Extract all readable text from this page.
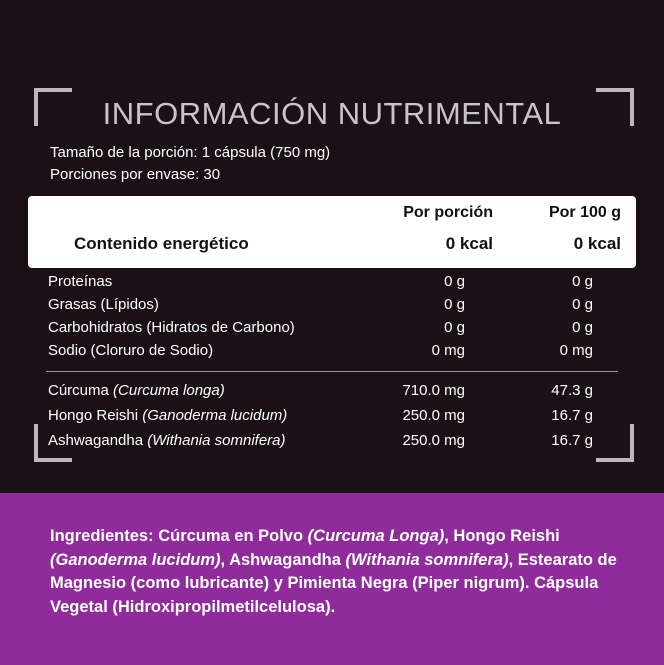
INFORMACIÓN NUTRIMENTAL
Tamaño de la porción: 1 cápsula (750 mg)
Porciones por envase: 30
Por porción	Por 100 g
Contenido energético	0 kcal	0 kcal
Proteínas	0 g	0 g
Grasas (Lípidos)	0 g	0 g
Carbohidratos (Hidratos de Carbono)	0 g	0 g
Sodio (Cloruro de Sodio)	0 mg	0 mg
Cúrcuma (Curcuma longa)	710.0 mg	47.3 g
Hongo Reishi (Ganoderma lucidum)	250.0 mg	16.7 g
Ashwagandha (Withania somnifera)	250.0 mg	16.7 g
Ingredientes: Cúrcuma en Polvo (Curcuma Longa), Hongo Reishi (Ganoderma lucidum), Ashwagandha (Withania somnifera), Estearato de Magnesio (como lubricante) y Pimienta Negra (Piper nigrum). Cápsula Vegetal (Hidroxipropilmetilcelulosa).
